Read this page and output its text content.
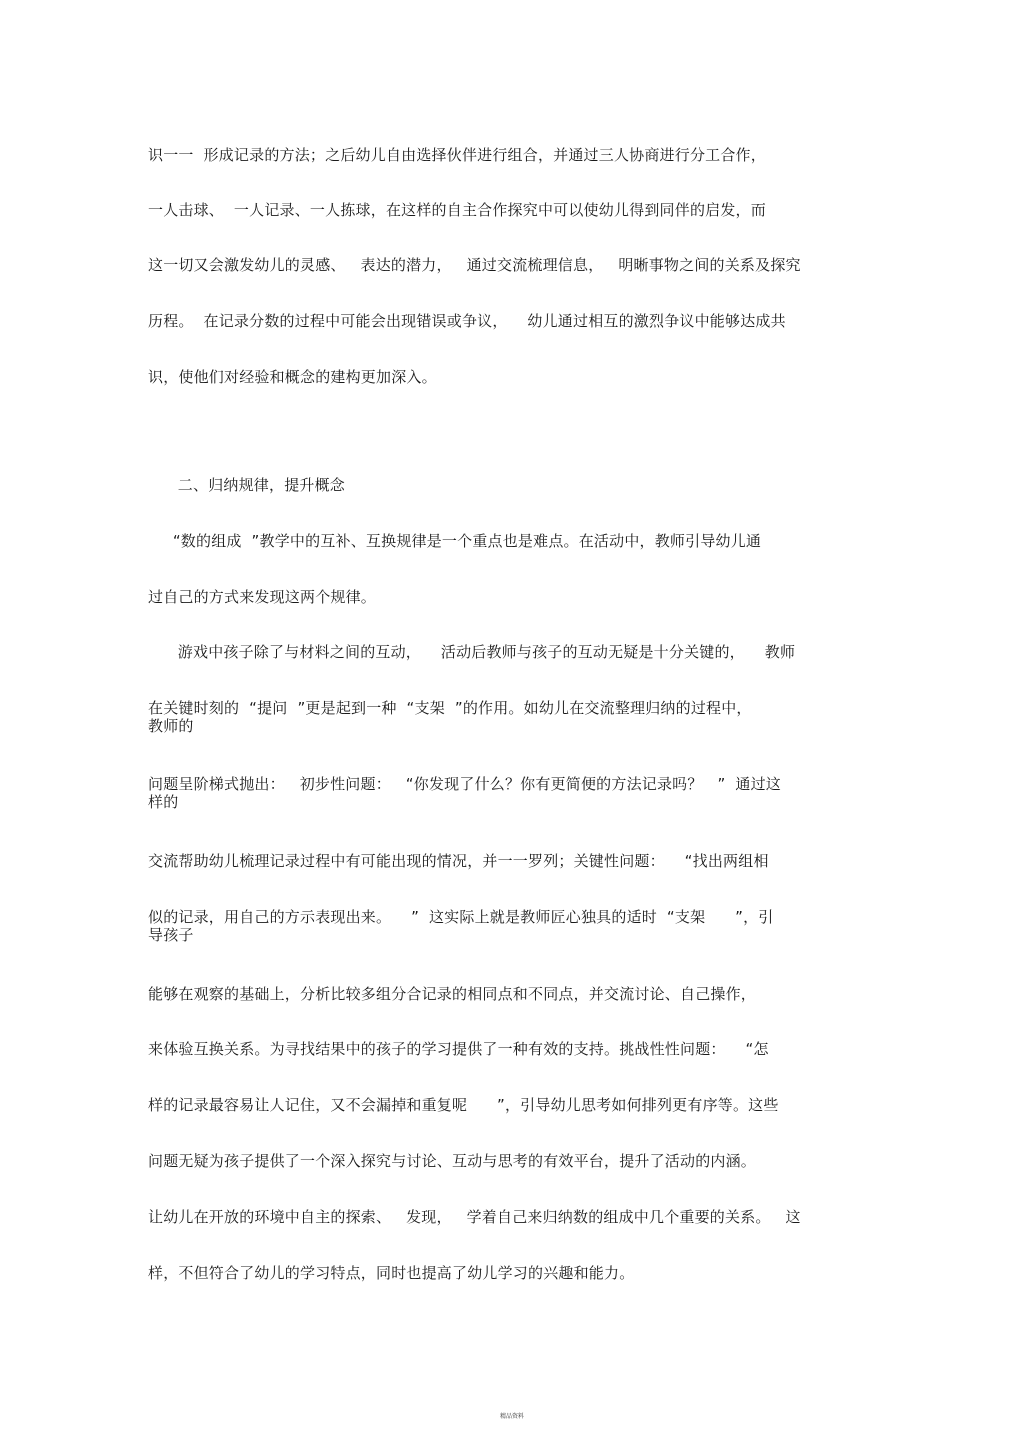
识一一  形成记录的方法；之后幼儿自由选择伙伴进行组合，并通过三人协商进行分工合作，
一人击球、  一人记录、一人拣球，在这样的自主合作探究中可以使幼儿得到同伴的启发，而
这一切又会激发幼儿的灵感、   表达的潜力，   通过交流梳理信息，   明晰事物之间的关系及探究
历程。  在记录分数的过程中可能会出现错误或争议，    幼儿通过相互的激烈争议中能够达成共
识，使他们对经验和概念的建构更加深入。
二、归纳规律，提升概念
“数的组成  ”教学中的互补、互换规律是一个重点也是难点。在活动中，教师引导幼儿通
过自己的方式来发现这两个规律。
游戏中孩子除了与材料之间的互动，    活动后教师与孩子的互动无疑是十分关键的，    教师
在关键时刻的  “提问  ”更是起到一种  “支架  ”的作用。如幼儿在交流整理归纳的过程中，
教师的
问题呈阶梯式抛出：   初步性问题：   “你发现了什么？你有更简便的方法记录吗？   ”  通过这
样的
交流帮助幼儿梳理记录过程中有可能出现的情况，并一一罗列；关键性问题：    “找出两组相
似的记录，用自己的方示表现出来。    ”  这实际上就是教师匠心独具的适时  “支架      ”，引
导孩子
能够在观察的基础上，分析比较多组分合记录的相同点和不同点，并交流讨论、自己操作，
来体验互换关系。为寻找结果中的孩子的学习提供了一种有效的支持。挑战性性问题：    “怎
样的记录最容易让人记住，又不会漏掉和重复呢      ”，引导幼儿思考如何排列更有序等。这些
问题无疑为孩子提供了一个深入探究与讨论、互动与思考的有效平台，提升了活动的内涵。
让幼儿在开放的环境中自主的探索、   发现，   学着自己来归纳数的组成中几个重要的关系。   这
样，不但符合了幼儿的学习特点，同时也提高了幼儿学习的兴趣和能力。
精品资料
